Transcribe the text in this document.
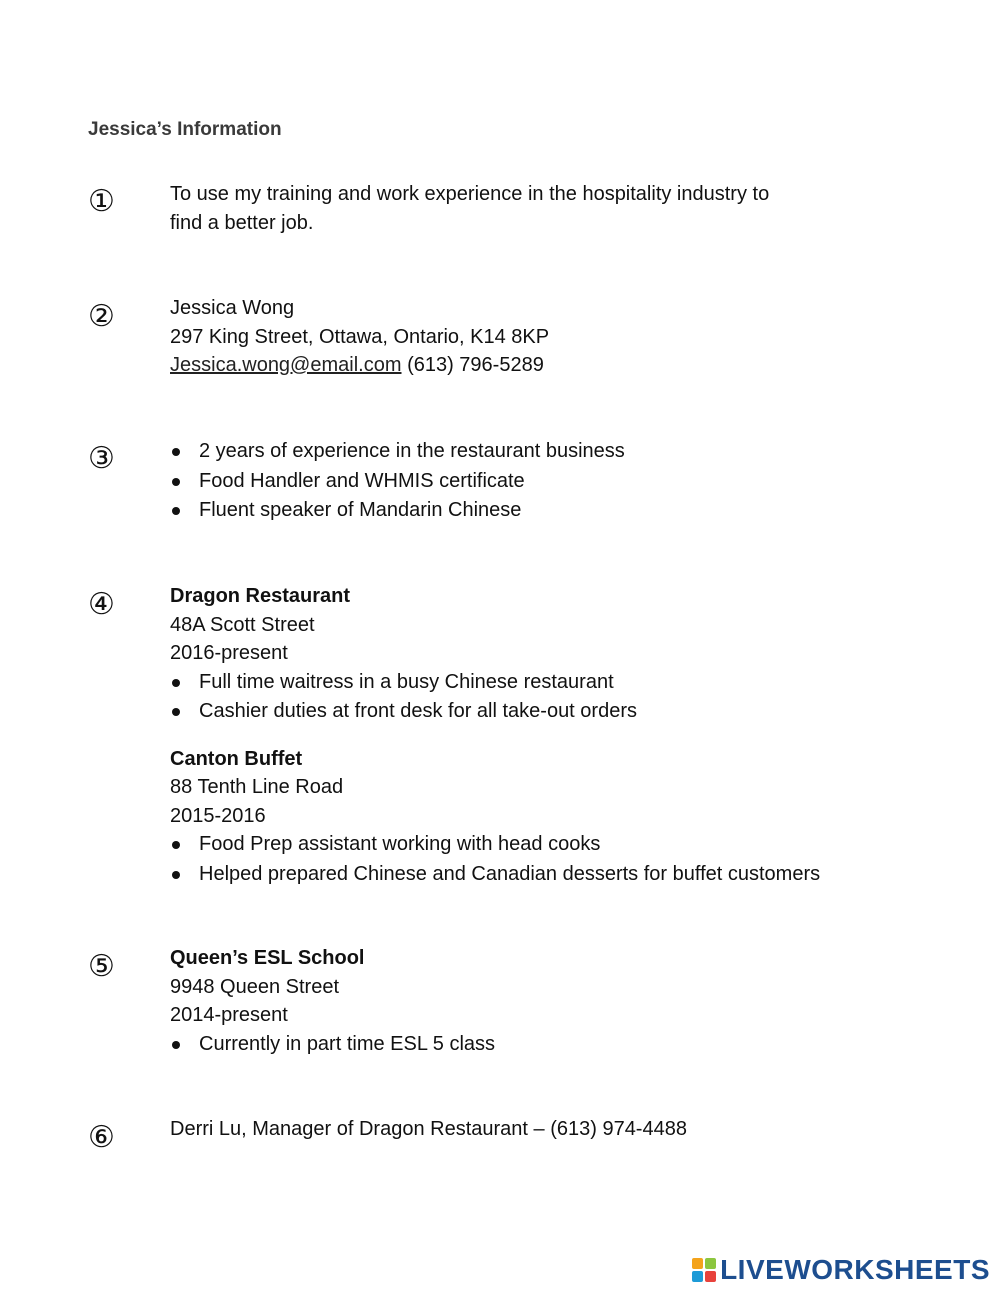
Jessica’s Information
①	To use my training and work experience in the hospitality industry to

find a better job.

②	Jessica Wong

297 King Street, Ottawa, Ontario, K14 8KP

Jessica.wong@email.com (613) 796-5289

③	2 years of experience in the restaurant business
Food Handler and WHMIS certificate
Fluent speaker of Mandarin Chinese
④	Dragon Restaurant

48A Scott Street

2016-present

Full time waitress in a busy Chinese restaurant
Cashier duties at front desk for all take-out orders

Canton Buffet

88 Tenth Line Road

2015-2016

Food Prep assistant working with head cooks
Helped prepared Chinese and Canadian desserts for buffet customers
⑤	Queen’s ESL School

9948 Queen Street

2014-present

Currently in part time ESL 5 class
⑥	Derri Lu, Manager of Dragon Restaurant – (613) 974-4488

LIVEWORKSHEETS
